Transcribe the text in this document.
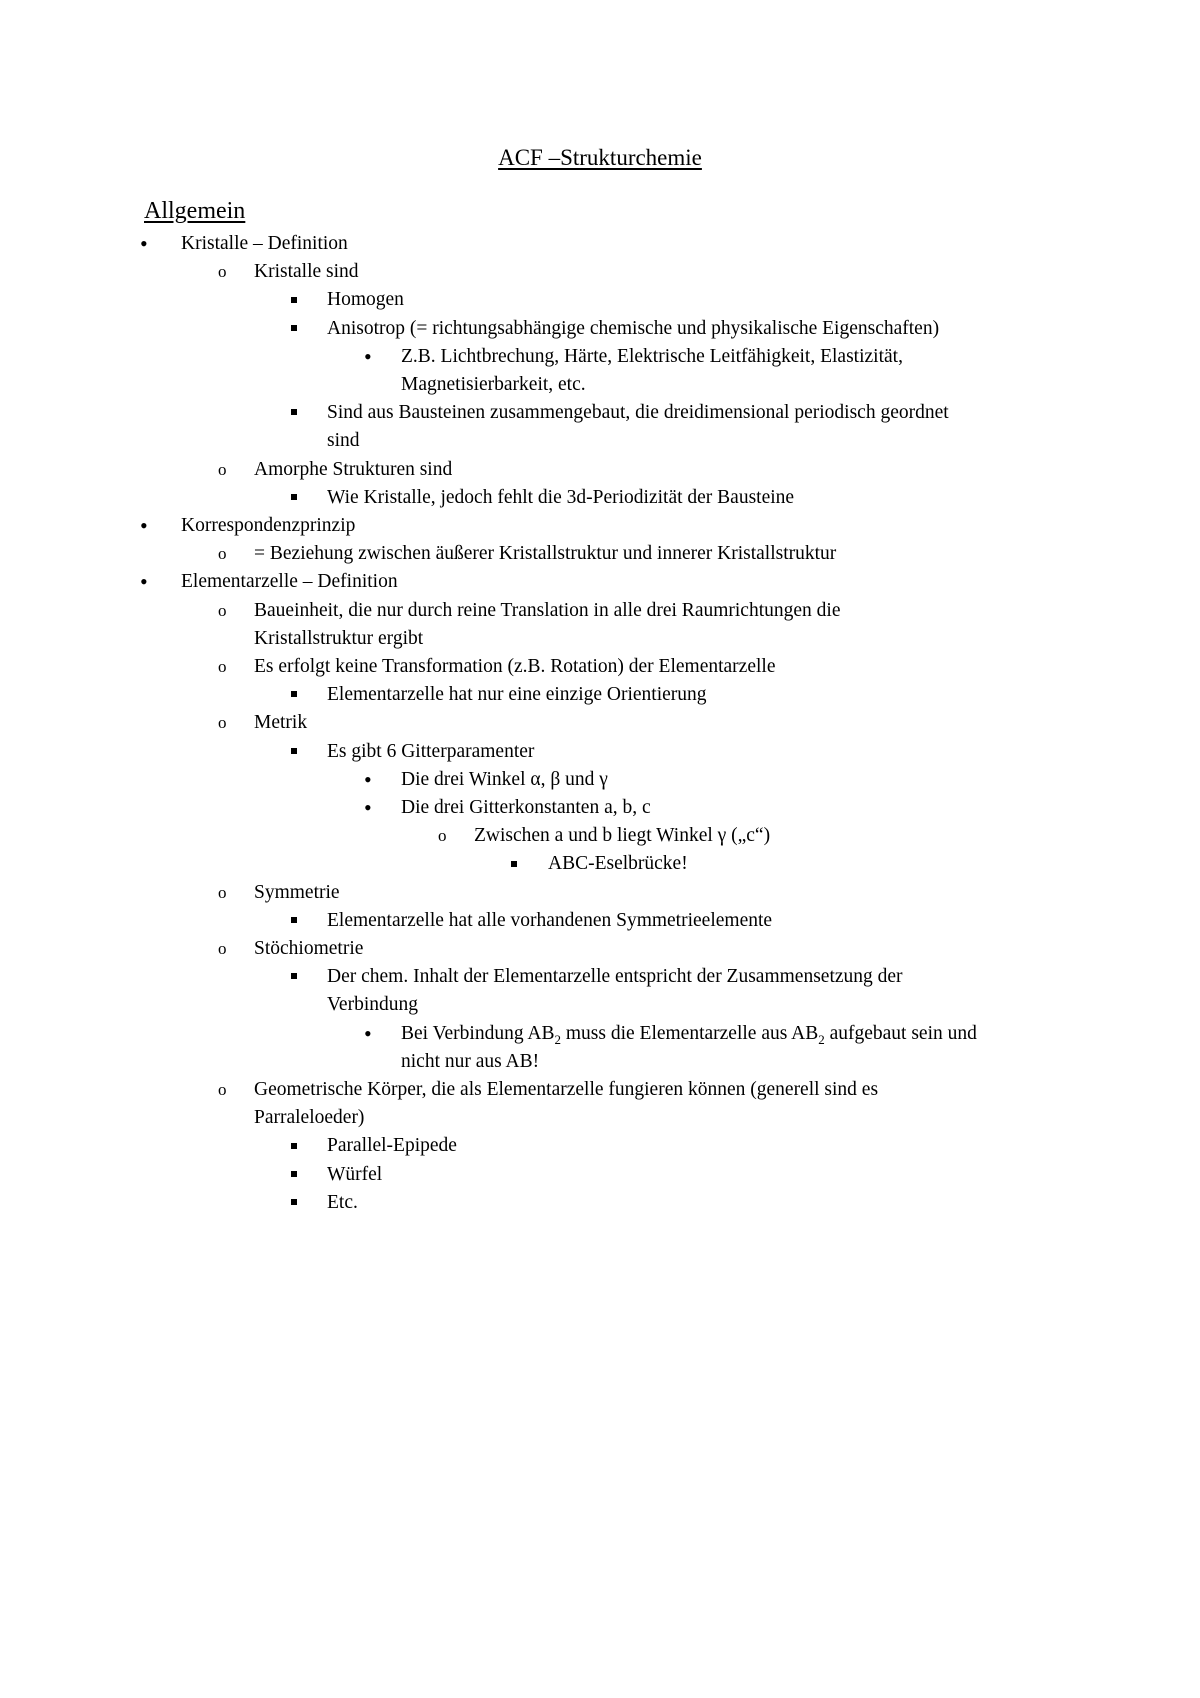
ACF –Strukturchemie
Allgemein
•
Kristalle – Definition
o
Kristalle sind
Homogen
Anisotrop (= richtungsabhängige chemische und physikalische Eigenschaften)
•
Z.B. Lichtbrechung, Härte, Elektrische Leitfähigkeit, Elastizität,
Magnetisierbarkeit, etc.
Sind aus Bausteinen zusammengebaut, die dreidimensional periodisch geordnet
sind
o
Amorphe Strukturen sind
Wie Kristalle, jedoch fehlt die 3d-Periodizität der Bausteine
•
Korrespondenzprinzip
o
= Beziehung zwischen äußerer Kristallstruktur und innerer Kristallstruktur
•
Elementarzelle – Definition
o
Baueinheit, die nur durch reine Translation in alle drei Raumrichtungen die
Kristallstruktur ergibt
o
Es erfolgt keine Transformation (z.B. Rotation) der Elementarzelle
Elementarzelle hat nur eine einzige Orientierung
o
Metrik
Es gibt 6 Gitterparamenter
•
Die drei Winkel α, β und γ
•
Die drei Gitterkonstanten a, b, c
o
Zwischen a und b liegt Winkel γ („c“)
ABC-Eselbrücke!
o
Symmetrie
Elementarzelle hat alle vorhandenen Symmetrieelemente
o
Stöchiometrie
Der chem. Inhalt der Elementarzelle entspricht der Zusammensetzung der
Verbindung
•
Bei Verbindung $AB_2$ muss die Elementarzelle aus $AB_2$ aufgebaut sein und
nicht nur aus AB!
o
Geometrische Körper, die als Elementarzelle fungieren können (generell sind es
Parraleloeder)
Parallel-Epipede
Würfel
Etc.
